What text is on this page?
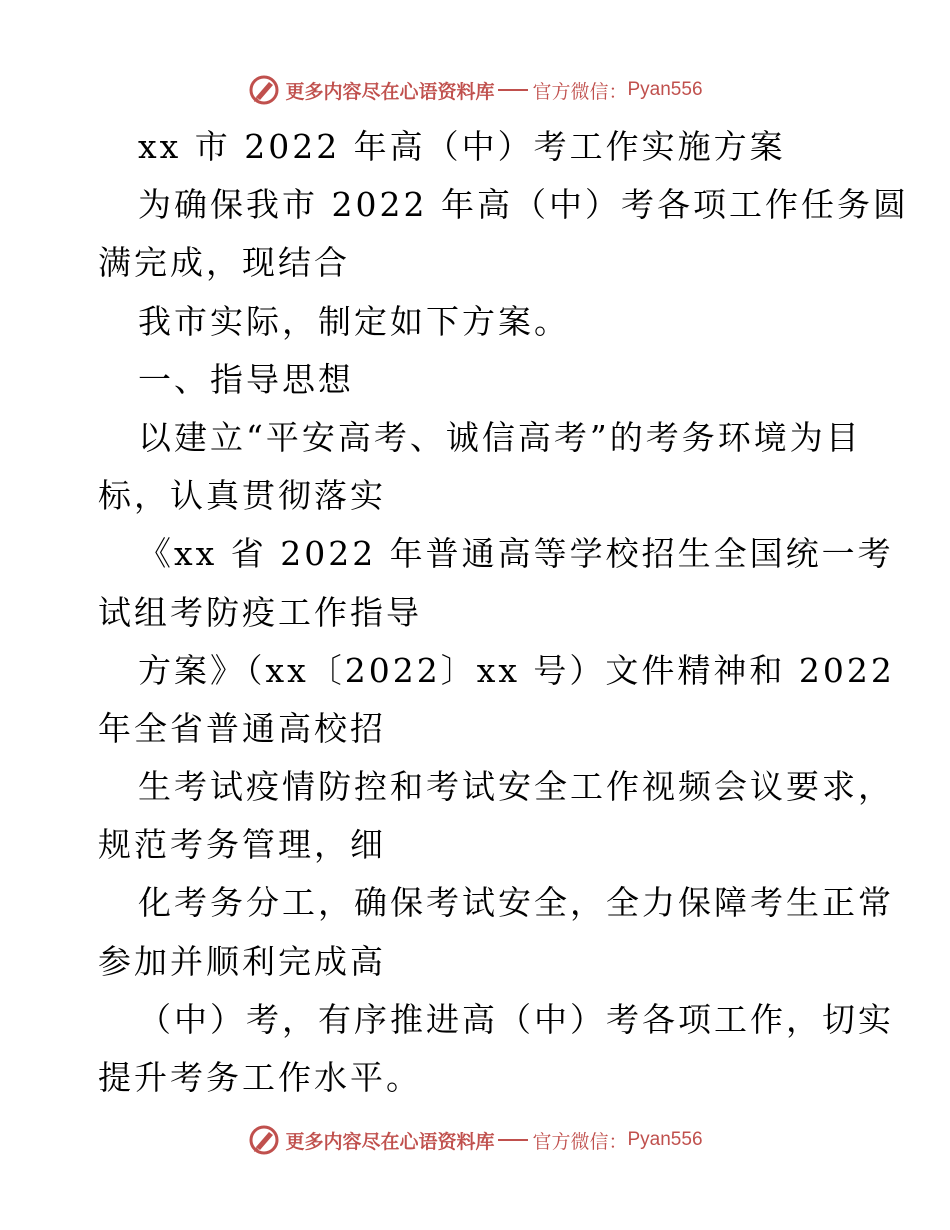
更多内容尽在心语资料库 官方微信： Pyan556
xx 市 2022 年高（中）考工作实施方案
为确保我市 2022 年高（中）考各项工作任务圆
满完成，现结合
我市实际，制定如下方案。
一、指导思想
以建立“平安高考、诚信高考”的考务环境为目
标，认真贯彻落实
《xx 省 2022 年普通高等学校招生全国统一考
试组考防疫工作指导
方案》（xx〔2022〕xx 号）文件精神和 2022
年全省普通高校招
生考试疫情防控和考试安全工作视频会议要求，
规范考务管理，细
化考务分工，确保考试安全，全力保障考生正常
参加并顺利完成高
（中）考，有序推进高（中）考各项工作，切实
提升考务工作水平。
更多内容尽在心语资料库 官方微信： Pyan556
